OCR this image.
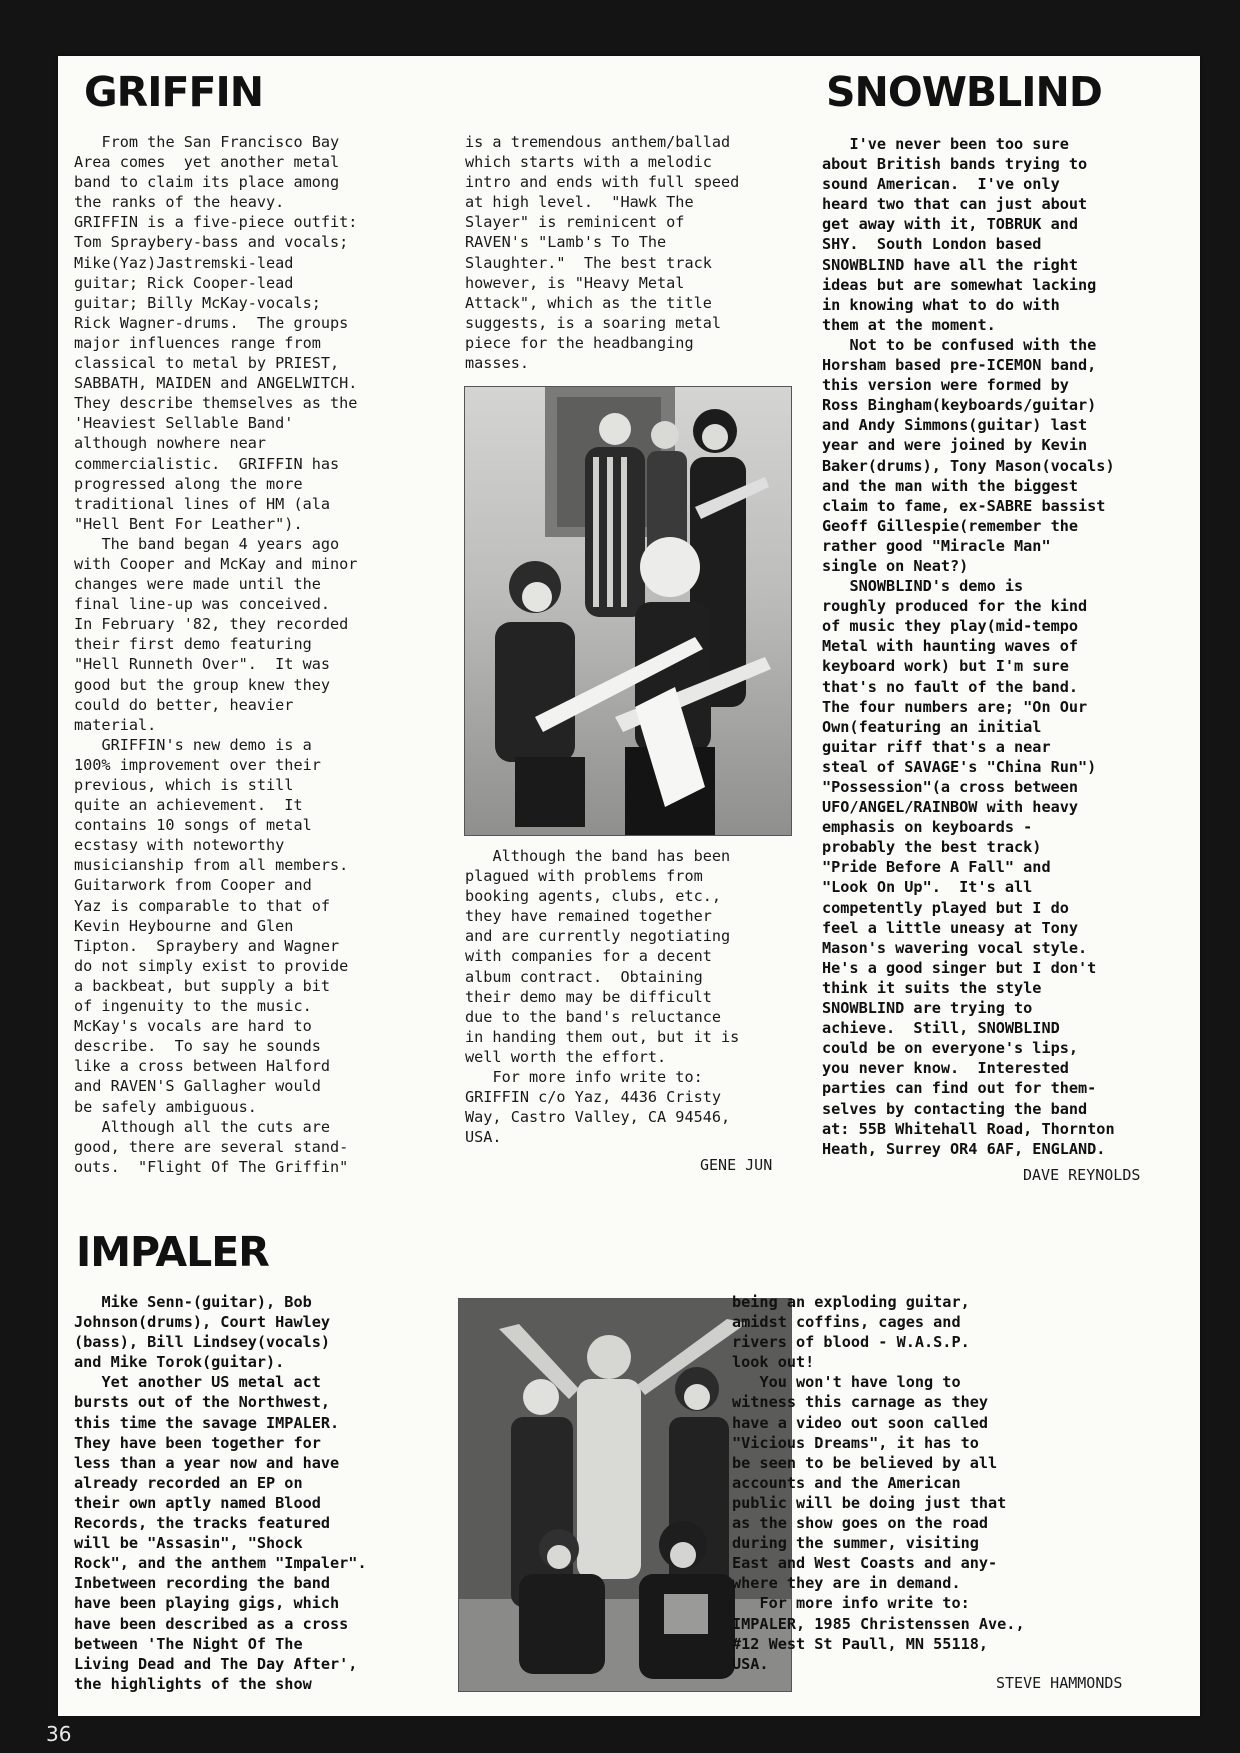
GRIFFIN

From the San Francisco Bay
Area comes  yet another metal
band to claim its place among
the ranks of the heavy.
GRIFFIN is a five-piece outfit:
Tom Spraybery-bass and vocals;
Mike(Yaz)Jastremski-lead
guitar; Rick Cooper-lead
guitar; Billy McKay-vocals;
Rick Wagner-drums.  The groups
major influences range from
classical to metal by PRIEST,
SABBATH, MAIDEN and ANGELWITCH.
They describe themselves as the
'Heaviest Sellable Band'
although nowhere near
commercialistic.  GRIFFIN has
progressed along the more
traditional lines of HM (ala
"Hell Bent For Leather").
The band began 4 years ago
with Cooper and McKay and minor
changes were made until the
final line-up was conceived.
In February '82, they recorded
their first demo featuring
"Hell Runneth Over".  It was
good but the group knew they
could do better, heavier
material.
GRIFFIN's new demo is a
100% improvement over their
previous, which is still
quite an achievement.  It
contains 10 songs of metal
ecstasy with noteworthy
musicianship from all members.
Guitarwork from Cooper and
Yaz is comparable to that of
Kevin Heybourne and Glen
Tipton.  Spraybery and Wagner
do not simply exist to provide
a backbeat, but supply a bit
of ingenuity to the music.
McKay's vocals are hard to
describe.  To say he sounds
like a cross between Halford
and RAVEN'S Gallagher would
be safely ambiguous.
Although all the cuts are
good, there are several stand-
outs.  "Flight Of The Griffin"

is a tremendous anthem/ballad
which starts with a melodic
intro and ends with full speed
at high level.  "Hawk The
Slayer" is reminicent of
RAVEN's "Lamb's To The
Slaughter."  The best track
however, is "Heavy Metal
Attack", which as the title
suggests, is a soaring metal
piece for the headbanging
masses.

Although the band has been
plagued with problems from
booking agents, clubs, etc.,
they have remained together
and are currently negotiating
with companies for a decent
album contract.  Obtaining
their demo may be difficult
due to the band's reluctance
in handing them out, but it is
well worth the effort.
For more info write to:
GRIFFIN c/o Yaz, 4436 Cristy
Way, Castro Valley, CA 94546,
USA.

GENE JUN

SNOWBLIND

I've never been too sure
about British bands trying to
sound American.  I've only
heard two that can just about
get away with it, TOBRUK and
SHY.  South London based
SNOWBLIND have all the right
ideas but are somewhat lacking
in knowing what to do with
them at the moment.
Not to be confused with the
Horsham based pre-ICEMON band,
this version were formed by
Ross Bingham(keyboards/guitar)
and Andy Simmons(guitar) last
year and were joined by Kevin
Baker(drums), Tony Mason(vocals)
and the man with the biggest
claim to fame, ex-SABRE bassist
Geoff Gillespie(remember the
rather good "Miracle Man"
single on Neat?)
SNOWBLIND's demo is
roughly produced for the kind
of music they play(mid-tempo
Metal with haunting waves of
keyboard work) but I'm sure
that's no fault of the band.
The four numbers are; "On Our
Own(featuring an initial
guitar riff that's a near
steal of SAVAGE's "China Run")
"Possession"(a cross between
UFO/ANGEL/RAINBOW with heavy
emphasis on keyboards -
probably the best track)
"Pride Before A Fall" and
"Look On Up".  It's all
competently played but I do
feel a little uneasy at Tony
Mason's wavering vocal style.
He's a good singer but I don't
think it suits the style
SNOWBLIND are trying to
achieve.  Still, SNOWBLIND
could be on everyone's lips,
you never know.  Interested
parties can find out for them-
selves by contacting the band
at: 55B Whitehall Road, Thornton
Heath, Surrey OR4 6AF, ENGLAND.

DAVE REYNOLDS

IMPALER

Mike Senn-(guitar), Bob
Johnson(drums), Court Hawley
(bass), Bill Lindsey(vocals)
and Mike Torok(guitar).
Yet another US metal act
bursts out of the Northwest,
this time the savage IMPALER.
They have been together for
less than a year now and have
already recorded an EP on
their own aptly named Blood
Records, the tracks featured
will be "Assasin", "Shock
Rock", and the anthem "Impaler".
Inbetween recording the band
have been playing gigs, which
have been described as a cross
between 'The Night Of The
Living Dead and The Day After',
the highlights of the show

being an exploding guitar,
amidst coffins, cages and
rivers of blood - W.A.S.P.
look out!
You won't have long to
witness this carnage as they
have a video out soon called
"Vicious Dreams", it has to
be seen to be believed by all
accounts and the American
public will be doing just that
as the show goes on the road
during the summer, visiting
East and West Coasts and any-
where they are in demand.
For more info write to:
IMPALER, 1985 Christenssen Ave.,
#12 West St Paull, MN 55118,
USA.

STEVE HAMMONDS

36
